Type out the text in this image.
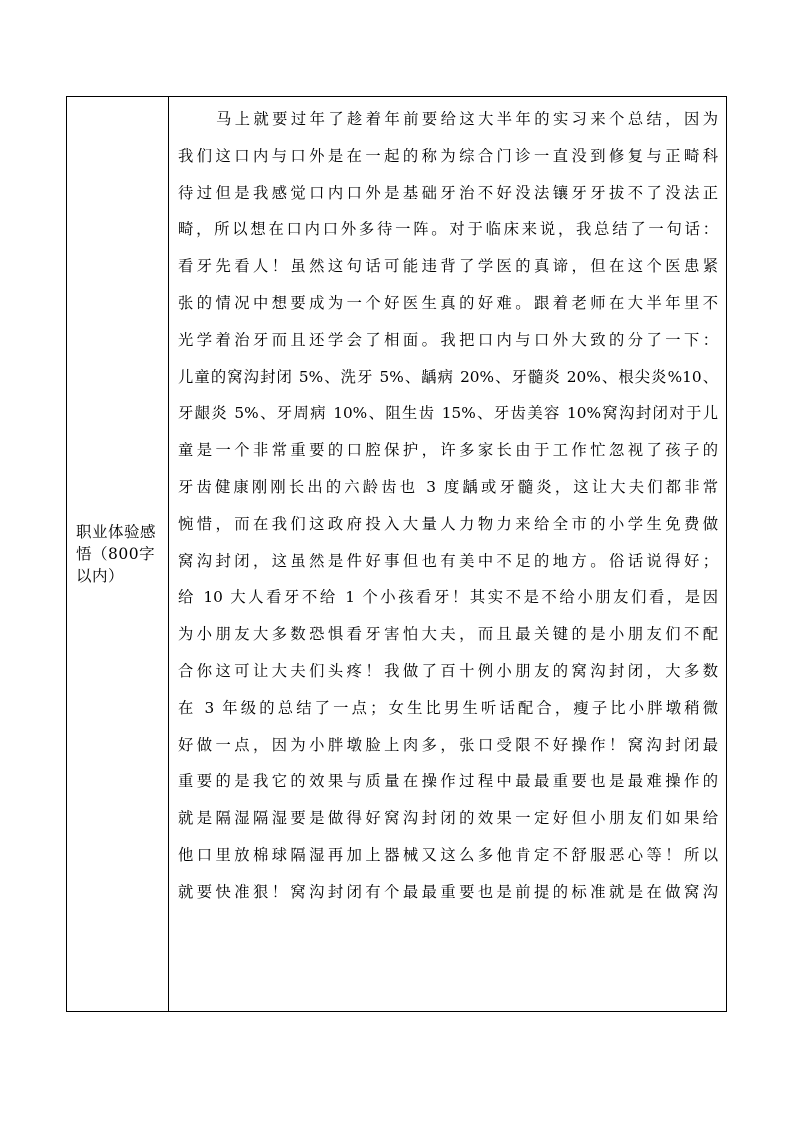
职业体验感悟（800字以内）
马上就要过年了趁着年前要给这大半年的实习来个总结，因为
我们这口内与口外是在一起的称为综合门诊一直没到修复与正畸科
待过但是我感觉口内口外是基础牙治不好没法镶牙牙拔不了没法正
畸，所以想在口内口外多待一阵。对于临床来说，我总结了一句话：
看牙先看人！虽然这句话可能违背了学医的真谛，但在这个医患紧
张的情况中想要成为一个好医生真的好难。跟着老师在大半年里不
光学着治牙而且还学会了相面。我把口内与口外大致的分了一下：
儿童的窝沟封闭 5%、洗牙 5%、龋病 20%、牙髓炎 20%、根尖炎%10、
牙龈炎 5%、牙周病 10%、阻生齿 15%、牙齿美容 10%窝沟封闭对于儿
童是一个非常重要的口腔保护，许多家长由于工作忙忽视了孩子的
牙齿健康刚刚长出的六龄齿也 3 度龋或牙髓炎，这让大夫们都非常
惋惜，而在我们这政府投入大量人力物力来给全市的小学生免费做
窝沟封闭，这虽然是件好事但也有美中不足的地方。俗话说得好；
给 10 大人看牙不给 1 个小孩看牙！其实不是不给小朋友们看，是因
为小朋友大多数恐惧看牙害怕大夫，而且最关键的是小朋友们不配
合你这可让大夫们头疼！我做了百十例小朋友的窝沟封闭，大多数
在 3 年级的总结了一点；女生比男生听话配合，瘦子比小胖墩稍微
好做一点，因为小胖墩脸上肉多，张口受限不好操作！窝沟封闭最
重要的是我它的效果与质量在操作过程中最最重要也是最难操作的
就是隔湿隔湿要是做得好窝沟封闭的效果一定好但小朋友们如果给
他口里放棉球隔湿再加上器械又这么多他肯定不舒服恶心等！所以
就要快准狠！窝沟封闭有个最最重要也是前提的标准就是在做窝沟
